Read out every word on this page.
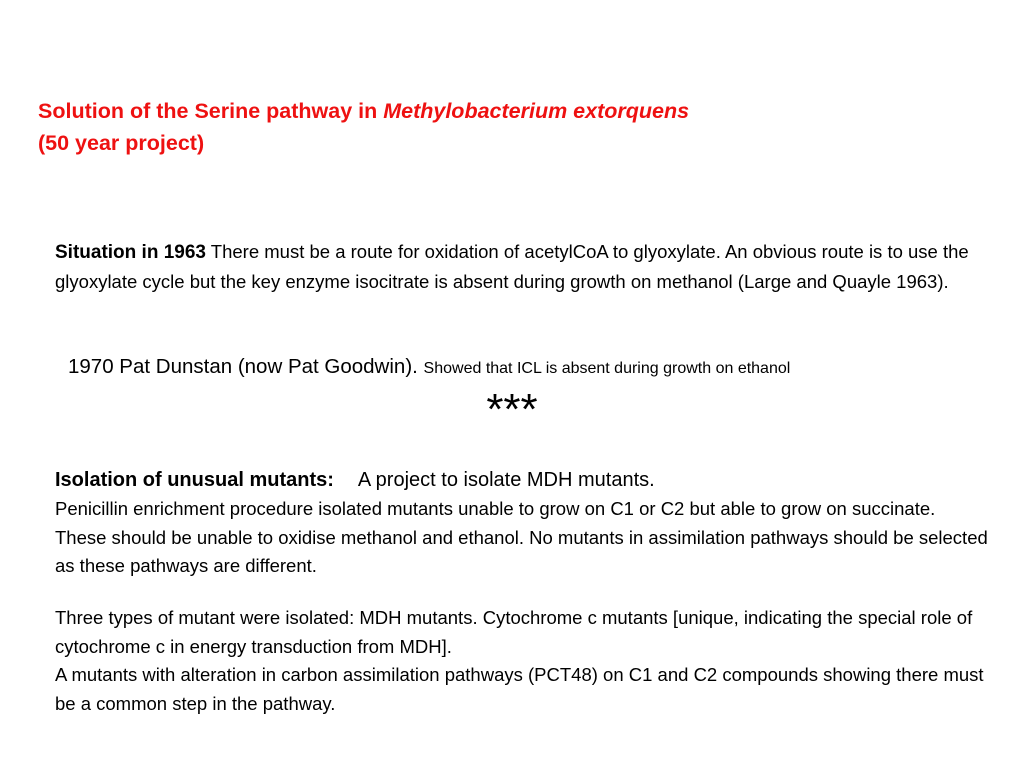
Solution of the Serine pathway in Methylobacterium extorquens
(50 year project)
Situation in 1963 There must be a route for oxidation of acetylCoA to glyoxylate. An obvious route is to use the glyoxylate cycle but the key enzyme isocitrate is absent during growth on methanol (Large and Quayle 1963).
1970 Pat Dunstan (now Pat Goodwin). Showed that ICL is absent during growth on ethanol
***
Isolation of unusual mutants: A project to isolate MDH mutants.
Penicillin enrichment procedure isolated mutants unable to grow on C1 or C2 but able to grow on succinate. These should be unable to oxidise methanol and ethanol. No mutants in assimilation pathways should be selected as these pathways are different.
Three types of mutant were isolated: MDH mutants. Cytochrome c mutants [unique, indicating the special role of cytochrome c in energy transduction from MDH].
A mutants with alteration in carbon assimilation pathways (PCT48) on C1 and C2 compounds showing there must be a common step in the pathway.
